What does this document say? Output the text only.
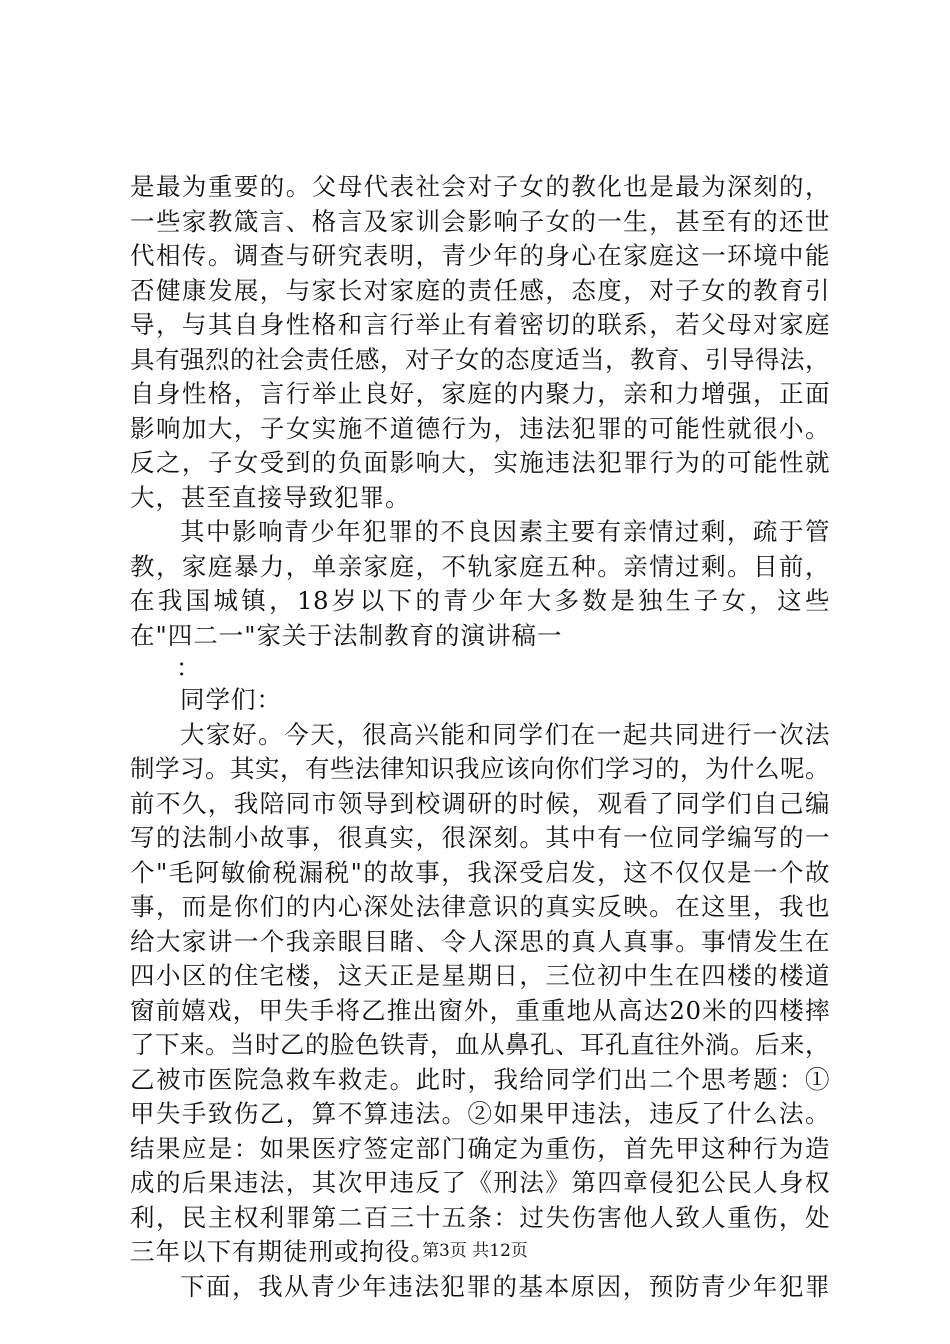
是最为重要的。父母代表社会对子女的教化也是最为深刻的，
一些家教箴言、格言及家训会影响子女的一生，甚至有的还世
代相传。调查与研究表明，青少年的身心在家庭这一环境中能
否健康发展，与家长对家庭的责任感，态度，对子女的教育引
导，与其自身性格和言行举止有着密切的联系，若父母对家庭
具有强烈的社会责任感，对子女的态度适当，教育、引导得法，
自身性格，言行举止良好，家庭的内聚力，亲和力增强，正面
影响加大，子女实施不道德行为，违法犯罪的可能性就很小。
反之，子女受到的负面影响大，实施违法犯罪行为的可能性就
大，甚至直接导致犯罪。
其中影响青少年犯罪的不良因素主要有亲情过剩，疏于管
教，家庭暴力，单亲家庭，不轨家庭五种。亲情过剩。目前，
在我国城镇，18岁以下的青少年大多数是独生子女，这些
在"四二一"家关于法制教育的演讲稿一
：
同学们：
大家好。今天，很高兴能和同学们在一起共同进行一次法
制学习。其实，有些法律知识我应该向你们学习的，为什么呢。
前不久，我陪同市领导到校调研的时候，观看了同学们自己编
写的法制小故事，很真实，很深刻。其中有一位同学编写的一
个"毛阿敏偷税漏税"的故事，我深受启发，这不仅仅是一个故
事，而是你们的内心深处法律意识的真实反映。在这里，我也
给大家讲一个我亲眼目睹、令人深思的真人真事。事情发生在
四小区的住宅楼，这天正是星期日，三位初中生在四楼的楼道
窗前嬉戏，甲失手将乙推出窗外，重重地从高达20米的四楼摔
了下来。当时乙的脸色铁青，血从鼻孔、耳孔直往外淌。后来，
乙被市医院急救车救走。此时，我给同学们出二个思考题：①
甲失手致伤乙，算不算违法。②如果甲违法，违反了什么法。
结果应是：如果医疗签定部门确定为重伤，首先甲这种行为造
成的后果违法，其次甲违反了《刑法》第四章侵犯公民人身权
利，民主权利罪第二百三十五条：过失伤害他人致人重伤，处
三年以下有期徒刑或拘役。
下面，我从青少年违法犯罪的基本原因，预防青少年犯罪
第3页 共12页
